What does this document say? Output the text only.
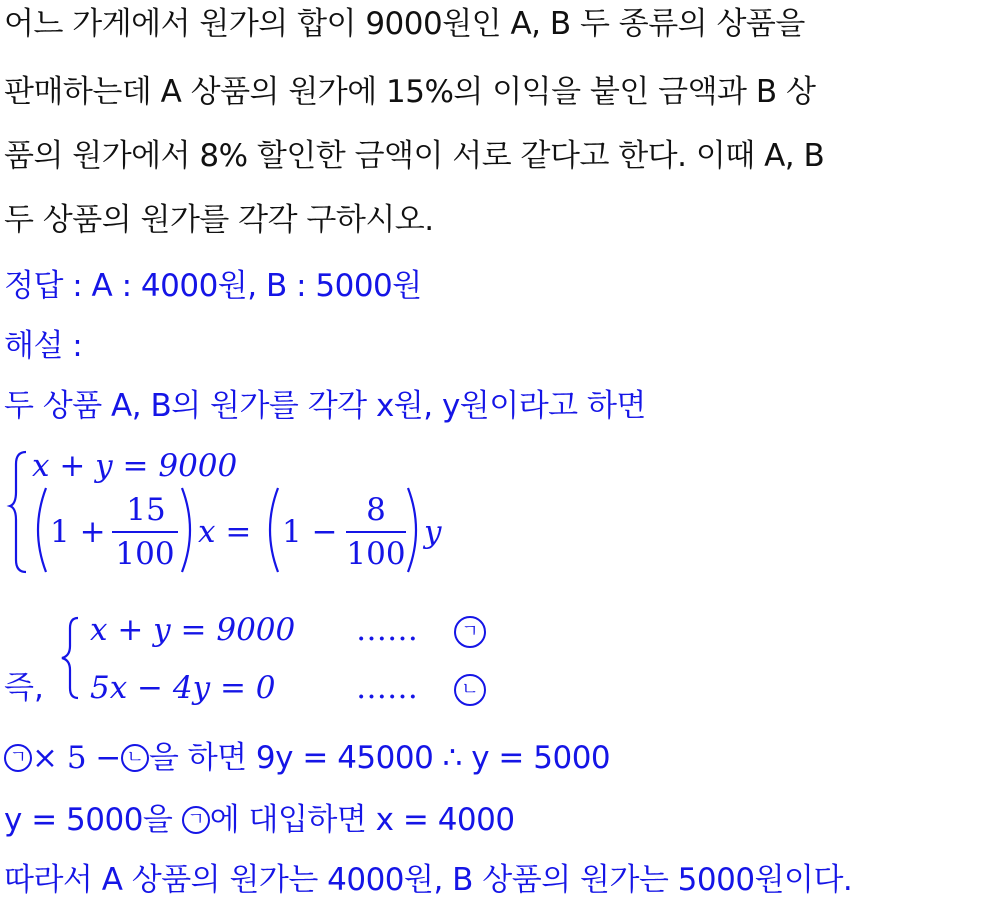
어느 가게에서 원가의 합이 9000원인 A, B 두 종류의 상품을
판매하는데 A 상품의 원가에 15%의 이익을 붙인 금액과 B 상
품의 원가에서 8% 할인한 금액이 서로 같다고 한다. 이때 A, B
두 상품의 원가를 각각 구하시오.
정답 : A : 4000원, B : 5000원
해설 :
두 상품 A, B의 원가를 각각 x원, y원이라고 하면
x + y = 9000
1 +
15
100
x = 1 −
8
100
y
즉,
x + y = 9000
5x − 4y = 0
……
……
ㄱ
ㄴ
ㄱ × 5 − ㄴ 을 하면 9y = 45000 ∴ y = 5000
y = 5000을 ㄱ 에 대입하면 x = 4000
따라서 A 상품의 원가는 4000원, B 상품의 원가는 5000원이다.
